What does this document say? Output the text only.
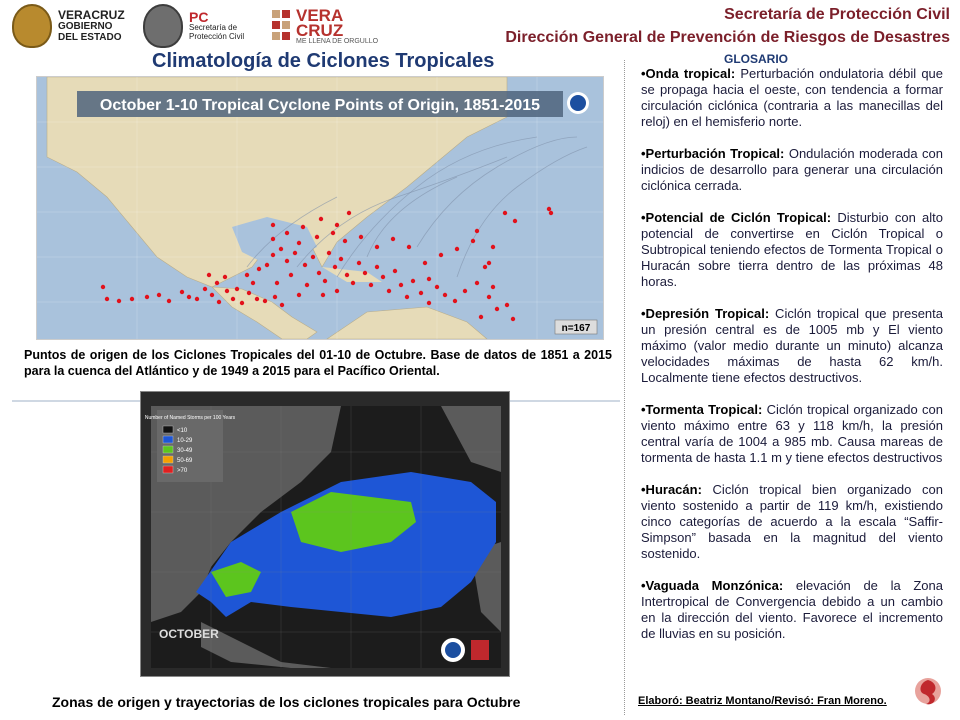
VERACRUZ
GOBIERNO
DEL ESTADO
PC
Secretaría de
Protección Civil
VERA
CRUZ
ME LLENA DE ORGULLO
Secretaría de Protección Civil
Dirección General de Prevención de Riesgos de Desastres
Climatología de Ciclones Tropicales
October 1-10 Tropical Cyclone Points of Origin, 1851-2015
n=167
Puntos de origen de los Ciclones Tropicales del 01-10 de Octubre. Base de datos de 1851 a 2015 para la cuenca del Atlántico y de 1949 a 2015 para el Pacífico Oriental.
Number of Named Storms per 100 Years
<10
10-29
30-49
50-69
>70
OCTOBER
Zonas de origen y trayectorias de los ciclones tropicales para Octubre
GLOSARIO
•Onda tropical: Perturbación ondulatoria débil que se propaga hacia el oeste, con tendencia a formar circulación ciclónica (contraria a las manecillas del reloj) en el hemisferio norte.
•Perturbación Tropical: Ondulación moderada con indicios de desarrollo para generar una circulación ciclónica cerrada.
•Potencial de Ciclón Tropical: Disturbio con alto potencial de convertirse en Ciclón Tropical o Subtropical teniendo efectos de Tormenta Tropical o Huracán sobre tierra dentro de las próximas 48 horas.
•Depresión Tropical: Ciclón tropical que presenta un presión central es de 1005 mb y El viento máximo (valor medio durante un minuto) alcanza velocidades máximas de hasta 62 km/h. Localmente tiene efectos destructivos.
•Tormenta Tropical: Ciclón tropical organizado con viento máximo entre 63 y 118 km/h, la presión central varía de 1004 a 985 mb. Causa mareas de tormenta de hasta 1.1 m y tiene efectos destructivos
•Huracán: Ciclón tropical bien organizado con viento sostenido a partir de 119 km/h, existiendo cinco categorías de acuerdo a la escala “Saffir-Simpson” basada en la magnitud del viento sostenido.
•Vaguada Monzónica: elevación de la Zona Intertropical de Convergencia debido a un cambio en la dirección del viento. Favorece el incremento de lluvias en su posición.
Elaboró: Beatriz Montano/Revisó: Fran Moreno.
